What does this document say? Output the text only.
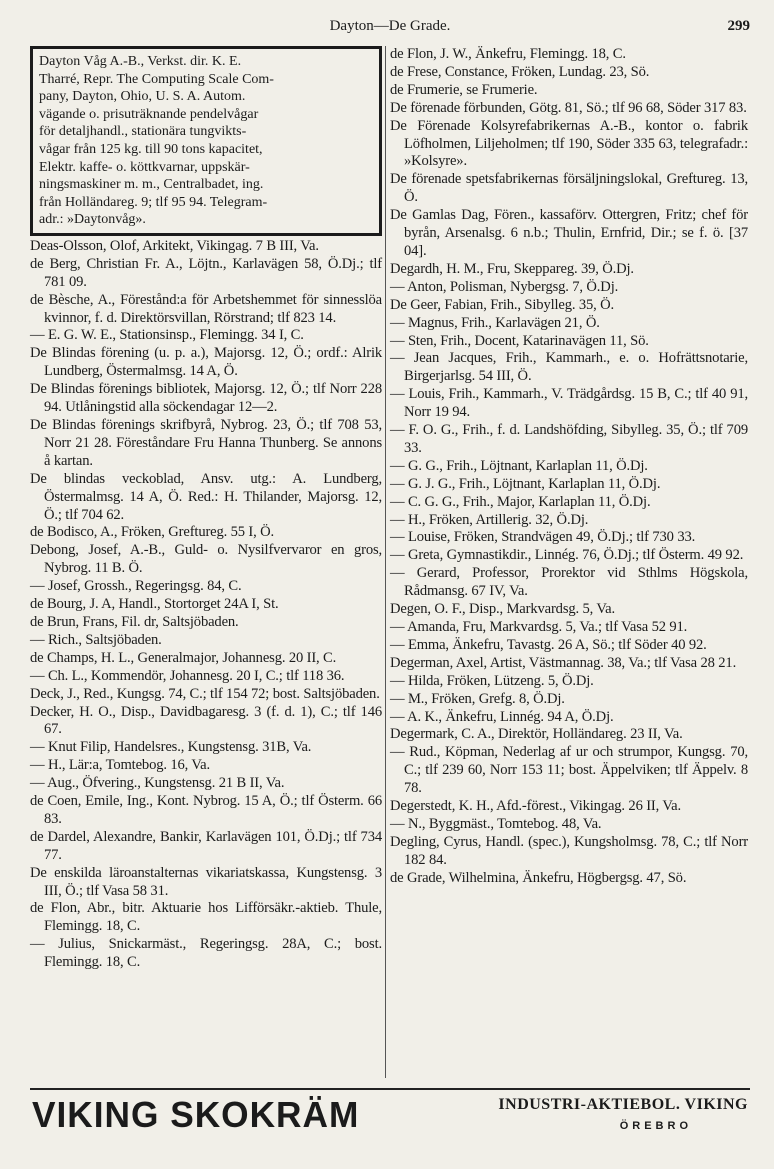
Dayton—De Grade.	299
Dayton Våg A.-B., Verkst. dir. K. E.
Tharré, Repr. The Computing Scale Com-
pany, Dayton, Ohio, U. S. A. Autom.
vägande o. prisuträknande pendelvågar
för detaljhandl., stationära tungvikts-
vågar från 125 kg. till 90 tons kapacitet,
Elektr. kaffe- o. köttkvarnar, uppskär-
ningsmaskiner m. m., Centralbadet, ing.
från Holländareg. 9; tlf 95 94. Telegram-
adr.: »Daytonvåg».

Deas-Olsson, Olof, Arkitekt, Vikingag. 7 B III, Va.

de Berg, Christian Fr. A., Löjtn., Karlavägen 58, Ö.Dj.; tlf 781 09.

de Bèsche, A., Förestånd:a för Arbetshemmet för sinnesslöa kvinnor, f. d. Direktörsvillan, Rörstrand; tlf 823 14.

— E. G. W. E., Stationsinsp., Flemingg. 34 I, C.

De Blindas förening (u. p. a.), Majorsg. 12, Ö.; ordf.: Alrik Lundberg, Östermalmsg. 14 A, Ö.

De Blindas förenings bibliotek, Majorsg. 12, Ö.; tlf Norr 228 94. Utlåningstid alla söckendagar 12—2.

De Blindas förenings skrifbyrå, Nybrog. 23, Ö.; tlf 708 53, Norr 21 28. Föreståndare Fru Hanna Thunberg. Se annons å kartan.

De blindas veckoblad, Ansv. utg.: A. Lundberg, Östermalmsg. 14 A, Ö. Red.: H. Thilander, Majorsg. 12, Ö.; tlf 704 62.

de Bodisco, A., Fröken, Greftureg. 55 I, Ö.

Debong, Josef, A.-B., Guld- o. Nysilfvervaror en gros, Nybrog. 11 B. Ö.

— Josef, Grossh., Regeringsg. 84, C.

de Bourg, J. A, Handl., Stortorget 24A I, St.

de Brun, Frans, Fil. dr, Saltsjöbaden.

— Rich., Saltsjöbaden.

de Champs, H. L., Generalmajor, Johannesg. 20 II, C.

— Ch. L., Kommendör, Johannesg. 20 I, C.; tlf 118 36.

Deck, J., Red., Kungsg. 74, C.; tlf 154 72; bost. Saltsjöbaden.

Decker, H. O., Disp., Davidbagaresg. 3 (f. d. 1), C.; tlf 146 67.

— Knut Filip, Handelsres., Kungstensg. 31B, Va.

— H., Lär:a, Tomtebog. 16, Va.

— Aug., Öfvering., Kungstensg. 21 B II, Va.

de Coen, Emile, Ing., Kont. Nybrog. 15 A, Ö.; tlf Österm. 66 83.

de Dardel, Alexandre, Bankir, Karlavägen 101, Ö.Dj.; tlf 734 77.

De enskilda läroanstalternas vikariatskassa, Kungstensg. 3 III, Ö.; tlf Vasa 58 31.

de Flon, Abr., bitr. Aktuarie hos Lifförsäkr.-aktieb. Thule, Flemingg. 18, C.

— Julius, Snickarmäst., Regeringsg. 28A, C.; bost. Flemingg. 18, C.

de Flon, J. W., Änkefru, Flemingg. 18, C.

de Frese, Constance, Fröken, Lundag. 23, Sö.

de Frumerie, se Frumerie.

De förenade förbunden, Götg. 81, Sö.; tlf 96 68, Söder 317 83.

De Förenade Kolsyrefabrikernas A.-B., kontor o. fabrik Löfholmen, Liljeholmen; tlf 190, Söder 335 63, telegrafadr.: »Kolsyre».

De förenade spetsfabrikernas försäljningslokal, Greftureg. 13, Ö.

De Gamlas Dag, Fören., kassaförv. Ottergren, Fritz; chef för byrån, Arsenalsg. 6 n.b.; Thulin, Ernfrid, Dir.; se f. ö. [37 04].

Degardh, H. M., Fru, Skeppareg. 39, Ö.Dj.

— Anton, Polisman, Nybergsg. 7, Ö.Dj.

De Geer, Fabian, Frih., Sibylleg. 35, Ö.

— Magnus, Frih., Karlavägen 21, Ö.

— Sten, Frih., Docent, Katarinavägen 11, Sö.

— Jean Jacques, Frih., Kammarh., e. o. Hofrättsnotarie, Birgerjarlsg. 54 III, Ö.

— Louis, Frih., Kammarh., V. Trädgårdsg. 15 B, C.; tlf 40 91, Norr 19 94.

— F. O. G., Frih., f. d. Landshöfding, Sibylleg. 35, Ö.; tlf 709 33.

— G. G., Frih., Löjtnant, Karlaplan 11, Ö.Dj.

— G. J. G., Frih., Löjtnant, Karlaplan 11, Ö.Dj.

— C. G. G., Frih., Major, Karlaplan 11, Ö.Dj.

— H., Fröken, Artillerig. 32, Ö.Dj.

— Louise, Fröken, Strandvägen 49, Ö.Dj.; tlf 730 33.

— Greta, Gymnastikdir., Linnég. 76, Ö.Dj.; tlf Österm. 49 92.

— Gerard, Professor, Prorektor vid Sthlms Högskola, Rådmansg. 67 IV, Va.

Degen, O. F., Disp., Markvardsg. 5, Va.

— Amanda, Fru, Markvardsg. 5, Va.; tlf Vasa 52 91.

— Emma, Änkefru, Tavastg. 26 A, Sö.; tlf Söder 40 92.

Degerman, Axel, Artist, Västmannag. 38, Va.; tlf Vasa 28 21.

— Hilda, Fröken, Lützeng. 5, Ö.Dj.

— M., Fröken, Grefg. 8, Ö.Dj.

— A. K., Änkefru, Linnég. 94 A, Ö.Dj.

Degermark, C. A., Direktör, Holländareg. 23 II, Va.

— Rud., Köpman, Nederlag af ur och strumpor, Kungsg. 70, C.; tlf 239 60, Norr 153 11; bost. Äppelviken; tlf Äppelv. 8 78.

Degerstedt, K. H., Afd.-förest., Vikingag. 26 II, Va.

— N., Byggmäst., Tomtebog. 48, Va.

Degling, Cyrus, Handl. (spec.), Kungsholmsg. 78, C.; tlf Norr 182 84.

de Grade, Wilhelmina, Änkefru, Högbergsg. 47, Sö.

VIKING SKOKRÄM	INDUSTRI-AKTIEBOL. VIKING
ÖREBRO
